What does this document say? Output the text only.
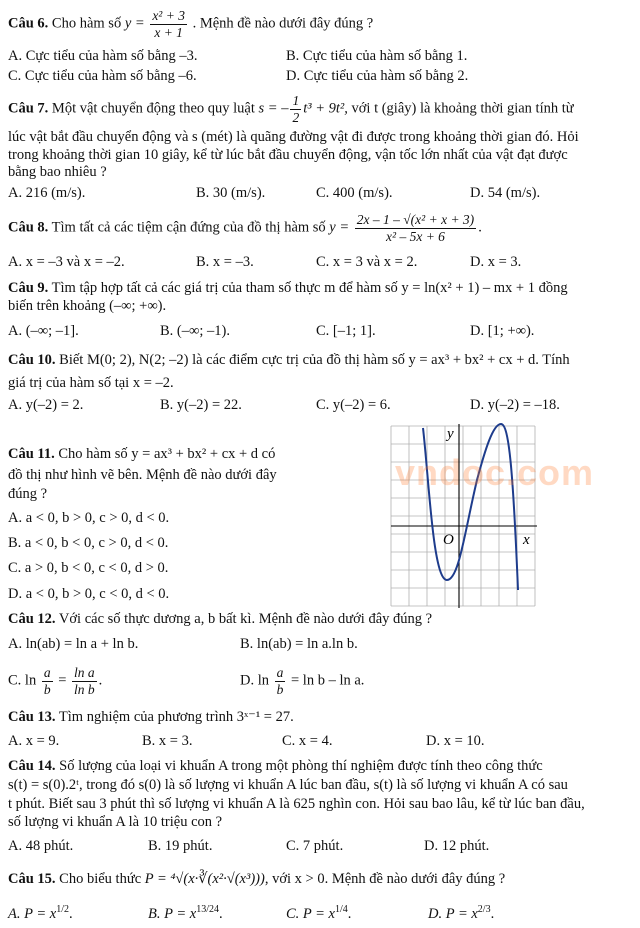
Câu 6. Cho hàm số $y = \frac{\text{x² + 3}}{x + 1}$ . Mệnh đề nào dưới đây đúng ?
A. Cực tiểu của hàm số bằng –3.	B. Cực tiểu của hàm số bằng 1.
C. Cực tiểu của hàm số bằng –6.	D. Cực tiểu của hàm số bằng 2.
Câu 7. Một vật chuyển động theo quy luật s = – $\frac{1}{2} t^3 + 9t^2$, với t (giây) là khoảng thời gian tính từ
lúc vật bắt đầu chuyển động và s (mét) là quãng đường vật đi được trong khoảng thời gian đó. Hỏi
trong khoảng thời gian 10 giây, kể từ lúc bắt đầu chuyển động, vận tốc lớn nhất của vật đạt được
bằng bao nhiêu ?
A. 216 (m/s).	B. 30 (m/s).	C. 400 (m/s).	D. 54 (m/s).
Câu 8. Tìm tất cả các tiệm cận đứng của đồ thị hàm số $y = \frac{\text{2x – 1 – √(x² + x + 3)}}{\text{x² – 5x + 6}}$ .
A. x = –3 và x = –2.	B. x = –3.	C. x = 3 và x = 2.	D. x = 3.
Câu 9. Tìm tập hợp tất cả các giá trị của tham số thực m để hàm số y = ln(x² + 1) – mx + 1 đồng
biến trên khoảng (–∞; +∞).
A. (–∞; –1].	B. (–∞; –1).	C. [–1; 1].	D. [1; +∞).
Câu 10. Biết M(0; 2), N(2; –2) là các điểm cực trị của đồ thị hàm số y = ax³ + bx² + cx + d. Tính
giá trị của hàm số tại x = –2.
A. y(–2) = 2.	B. y(–2) = 22.	C. y(–2) = 6.	D. y(–2) = –18.
Câu 11. Cho hàm số y = ax³ + bx² + cx + d có
đồ thị như hình vẽ bên. Mệnh đề nào dưới đây
đúng ?
A. a < 0, b > 0, c > 0, d < 0.
B. a < 0, b < 0, c > 0, d < 0.
C. a > 0, b < 0, c < 0, d > 0.
D. a < 0, b > 0, c < 0, d < 0.
y
x
O
vndoc.com
Câu 12. Với các số thực dương a, b bất kì. Mệnh đề nào dưới đây đúng ?
A. ln(ab) = ln a + ln b.	B. ln(ab) = ln a.ln b.
C. $\ln \frac{a}{b} = \frac{\text{ln a}}{\text{ln b}}$ .	D. $\ln \frac{a}{b} = \ln b - \ln a$.
Câu 13. Tìm nghiệm của phương trình 3ˣ⁻¹ = 27.
A. x = 9.	B. x = 3.	C. x = 4.	D. x = 10.
Câu 14. Số lượng của loại vi khuẩn A trong một phòng thí nghiệm được tính theo công thức
s(t) = s(0).2ᵗ, trong đó s(0) là số lượng vi khuẩn A lúc ban đầu, s(t) là số lượng vi khuẩn A có sau
t phút. Biết sau 3 phút thì số lượng vi khuẩn A là 625 nghìn con. Hỏi sau bao lâu, kể từ lúc ban đầu,
số lượng vi khuẩn A là 10 triệu con ?
A. 48 phút.	B. 19 phút.	C. 7 phút.	D. 12 phút.
Câu 15. Cho biểu thức P = ⁴√(x·∛(x²·√(x³))), với x > 0. Mệnh đề nào dưới đây đúng ?
A. $P = x^{1/2}$.	B. $P = x^{13/24}$.	C. $P = x^{1/4}$.	D. $P = x^{2/3}$.
